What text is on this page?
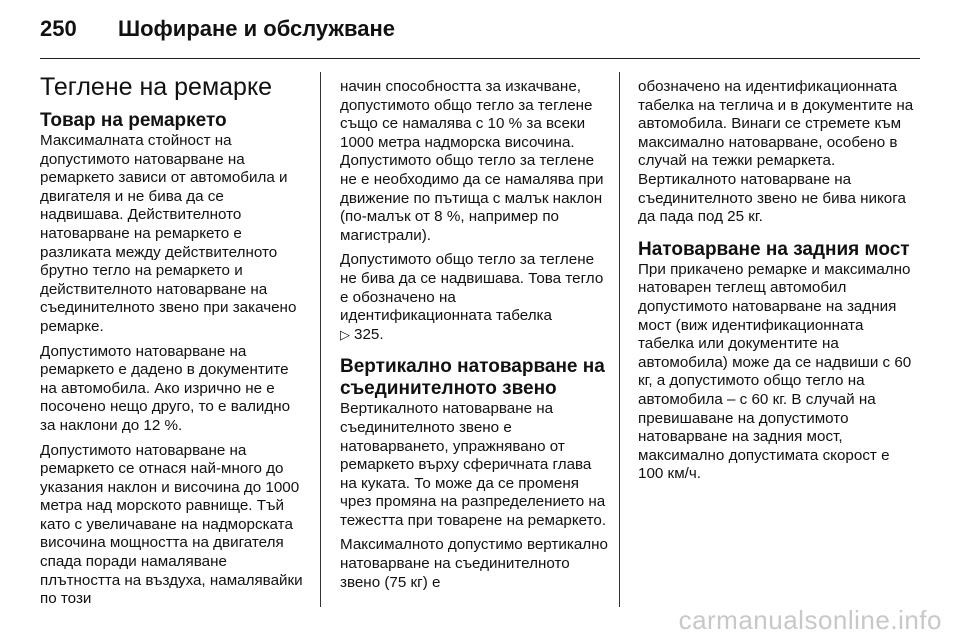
250 Шофиране и обслужване
Теглене на ремарке
Товар на ремаркето

Максималната стойност на допустимото натоварване на ремаркето зависи от автомобила и двигателя и не бива да се надвишава. Действителното натоварване на ремаркето е разликата между действителното брутно тегло на ремаркето и действителното натоварване на съединителното звено при закачено ремарке.

Допустимото натоварване на ремаркето е дадено в документите на автомобила. Ако изрично не е посочено нещо друго, то е валидно за наклони до 12 %.

Допустимото натоварване на ремаркето се отнася най-много до указания наклон и височина до 1000 метра над морското равнище. Тъй като с увеличаване на надморската височина мощността на двигателя спада поради намаляване плътността на въздуха, намалявайки по този

начин способността за изкачване, допустимото общо тегло за теглене също се намалява с 10 % за всеки 1000 метра надморска височина. Допустимото общо тегло за теглене не е необходимо да се намалява при движение по пътища с малък наклон (по-малък от 8 %, например по магистрали).

Допустимото общо тегло за теглене не бива да се надвишава. Това тегло е обозначено на идентификационната табелка
▷ 325.

Вертикално натоварване на съединителното звено

Вертикалното натоварване на съединителното звено е натоварването, упражнявано от ремаркето върху сферичната глава на куката. То може да се променя чрез промяна на разпределението на тежестта при товарене на ремаркето.

Максималното допустимо вертикално натоварване на съединителното звено (75 кг) е

обозначено на идентификационната табелка на теглича и в документите на автомобила. Винаги се стремете към максимално натоварване, особено в случай на тежки ремаркета. Вертикалното натоварване на съединителното звено не бива никога да пада под 25 кг.

Натоварване на задния мост

При прикачено ремарке и максимално натоварен теглещ автомобил допустимото натоварване на задния мост (виж идентификационната табелка или документите на автомобила) може да се надвиши с 60 кг, а допустимото общо тегло на автомобила – с 60 кг. В случай на превишаване на допустимото натоварване на задния мост, максимално допустимата скорост е 100 км/ч.

carmanualsonline.info
